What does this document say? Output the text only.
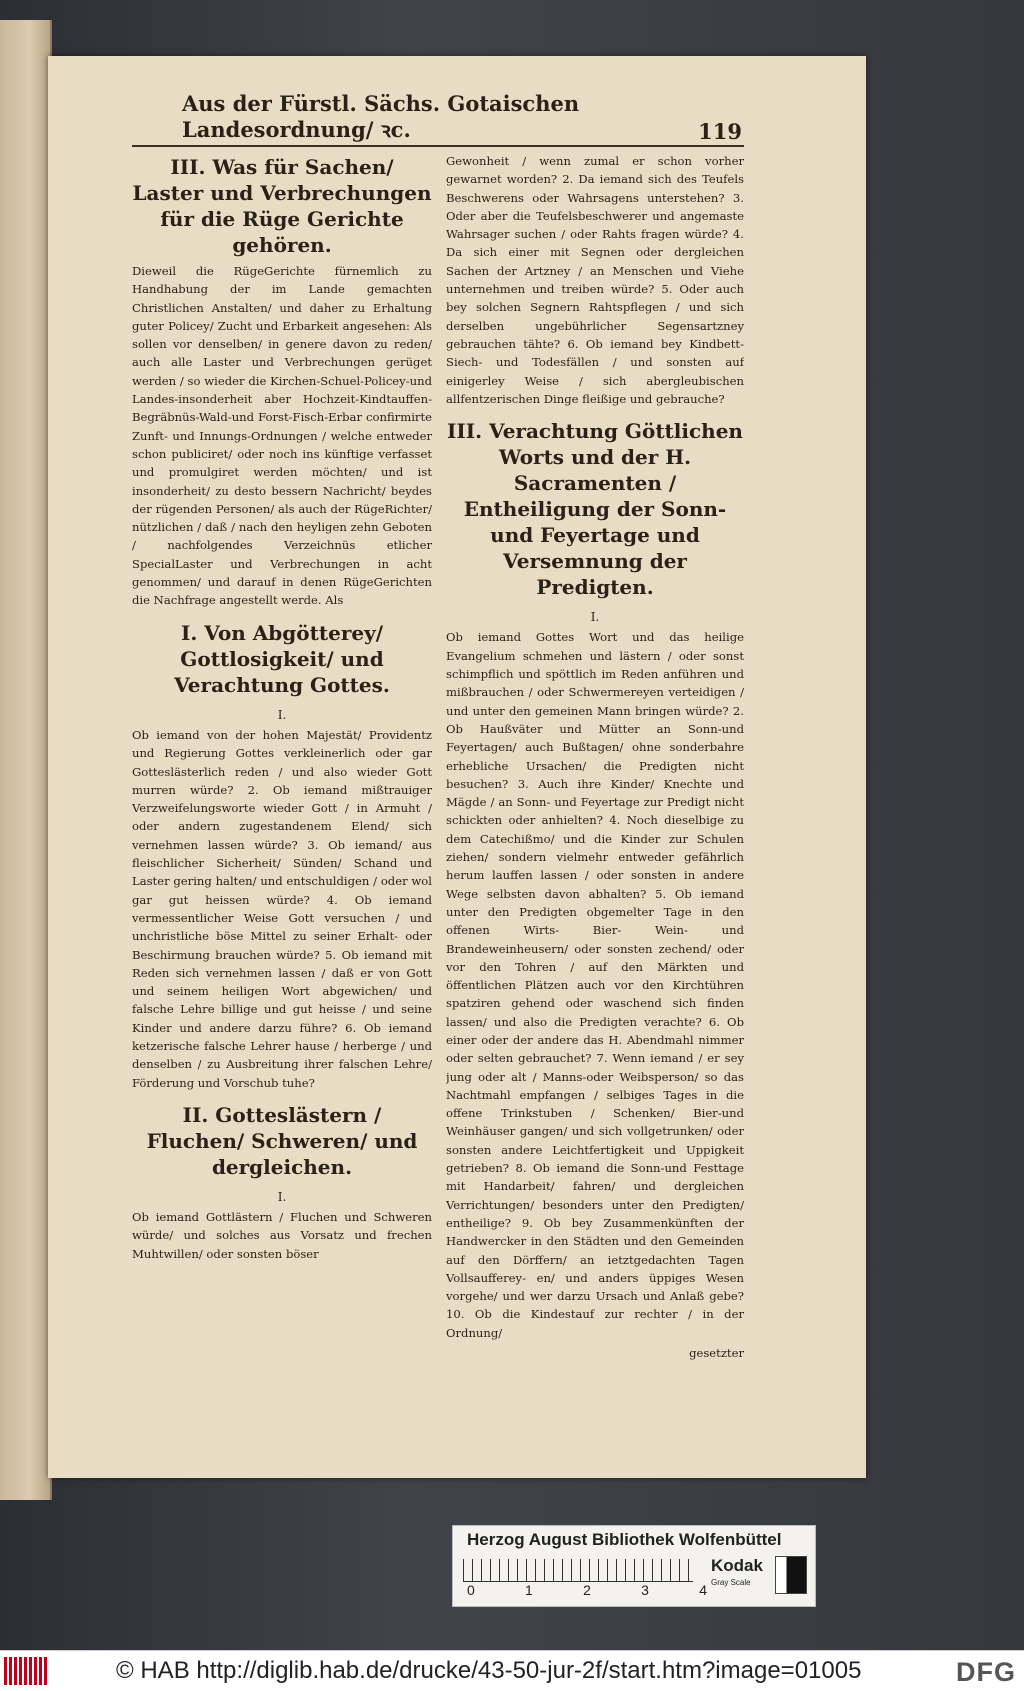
Aus der Fürstl. Sächs. Gotaischen Landesordnung/ ꝛc.	119
III. Was für Sachen/ Laster und Verbrechungen für die Rüge Gerichte gehören.

Dieweil die RügeGerichte fürnemlich zu Handhabung der im Lande gemachten Christlichen Anstalten/ und daher zu Erhaltung guter Policey/ Zucht und Erbarkeit angesehen: Als sollen vor denselben/ in genere davon zu reden/ auch alle Laster und Verbrechungen gerüget werden / so wieder die Kirchen-Schuel-Policey-und Landes-insonderheit aber Hochzeit-Kindtauffen-Begräbnüs-Wald-und Forst-Fisch-Erbar confirmirte Zunft- und Innungs-Ordnungen / welche entweder schon publiciret/ oder noch ins künftige verfasset und promulgiret werden möchten/ und ist insonderheit/ zu desto bessern Nachricht/ beydes der rügenden Personen/ als auch der RügeRichter/ nützlichen / daß / nach den heyligen zehn Geboten / nachfolgendes Verzeichnüs etlicher SpecialLaster und Verbrechungen in acht genommen/ und darauf in denen RügeGerichten die Nachfrage angestellt werde. Als

I. Von Abgötterey/ Gottlosigkeit/ und Verachtung Gottes.
I.

Ob iemand von der hohen Majestät/ Providentz und Regierung Gottes verkleinerlich oder gar Gotteslästerlich reden / und also wieder Gott murren würde? 2. Ob iemand mißtrauiger Verzweifelungsworte wieder Gott / in Armuht / oder andern zugestandenem Elend/ sich vernehmen lassen würde? 3. Ob iemand/ aus fleischlicher Sicherheit/ Sünden/ Schand und Laster gering halten/ und entschuldigen / oder wol gar gut heissen würde? 4. Ob iemand vermessentlicher Weise Gott versuchen / und unchristliche böse Mittel zu seiner Erhalt- oder Beschirmung brauchen würde? 5. Ob iemand mit Reden sich vernehmen lassen / daß er von Gott und seinem heiligen Wort abgewichen/ und falsche Lehre billige und gut heisse / und seine Kinder und andere darzu führe? 6. Ob iemand ketzerische falsche Lehrer hause / herberge / und denselben / zu Ausbreitung ihrer falschen Lehre/ Förderung und Vorschub tuhe?

II. Gotteslästern / Fluchen/ Schweren/ und dergleichen.
I.

Ob iemand Gottlästern / Fluchen und Schweren würde/ und solches aus Vorsatz und frechen Muhtwillen/ oder sonsten böser

Gewonheit / wenn zumal er schon vorher gewarnet worden? 2. Da iemand sich des Teufels Beschwerens oder Wahrsagens unterstehen? 3. Oder aber die Teufelsbeschwerer und angemaste Wahrsager suchen / oder Rahts fragen würde? 4. Da sich einer mit Segnen oder dergleichen Sachen der Artzney / an Menschen und Viehe unternehmen und treiben würde? 5. Oder auch bey solchen Segnern Rahtspflegen / und sich derselben ungebührlicher Segensartzney gebrauchen tähte? 6. Ob iemand bey Kindbett- Siech- und Todesfällen / und sonsten auf einigerley Weise / sich abergleubischen allfentzerischen Dinge fleißige und gebrauche?

III. Verachtung Göttlichen Worts und der H. Sacramenten / Entheiligung der Sonn- und Feyertage und Versemnung der Predigten.
I.

Ob iemand Gottes Wort und das heilige Evangelium schmehen und lästern / oder sonst schimpflich und spöttlich im Reden anführen und mißbrauchen / oder Schwermereyen verteidigen / und unter den gemeinen Mann bringen würde? 2. Ob Haußväter und Mütter an Sonn-und Feyertagen/ auch Bußtagen/ ohne sonderbahre erhebliche Ursachen/ die Predigten nicht besuchen? 3. Auch ihre Kinder/ Knechte und Mägde / an Sonn- und Feyertage zur Predigt nicht schickten oder anhielten? 4. Noch dieselbige zu dem Catechißmo/ und die Kinder zur Schulen ziehen/ sondern vielmehr entweder gefährlich herum lauffen lassen / oder sonsten in andere Wege selbsten davon abhalten? 5. Ob iemand unter den Predigten obgemelter Tage in den offenen Wirts- Bier- Wein- und Brandeweinheusern/ oder sonsten zechend/ oder vor den Tohren / auf den Märkten und öffentlichen Plätzen auch vor den Kirchtühren spatziren gehend oder waschend sich finden lassen/ und also die Predigten verachte? 6. Ob einer oder der andere das H. Abendmahl nimmer oder selten gebrauchet? 7. Wenn iemand / er sey jung oder alt / Manns-oder Weibsperson/ so das Nachtmahl empfangen / selbiges Tages in die offene Trinkstuben / Schenken/ Bier-und Weinhäuser gangen/ und sich vollgetrunken/ oder sonsten andere Leichtfertigkeit und Uppigkeit getrieben? 8. Ob iemand die Sonn-und Festtage mit Handarbeit/ fahren/ und dergleichen Verrichtungen/ besonders unter den Predigten/ entheilige? 9. Ob bey Zusammenkünften der Handwercker in den Städten und den Gemeinden auf den Dörffern/ an ietztgedachten Tagen Vollsaufferey- en/ und anders üppiges Wesen vorgehe/ und wer darzu Ursach und Anlaß gebe? 10. Ob die Kindestauf zur rechter / in der Ordnung/

gesetzter
Herzog August Bibliothek Wolfenbüttel
0	1	2	3	4
Kodak
Gray Scale
© HAB http://diglib.hab.de/drucke/43-50-jur-2f/start.htm?image=01005	DFG
